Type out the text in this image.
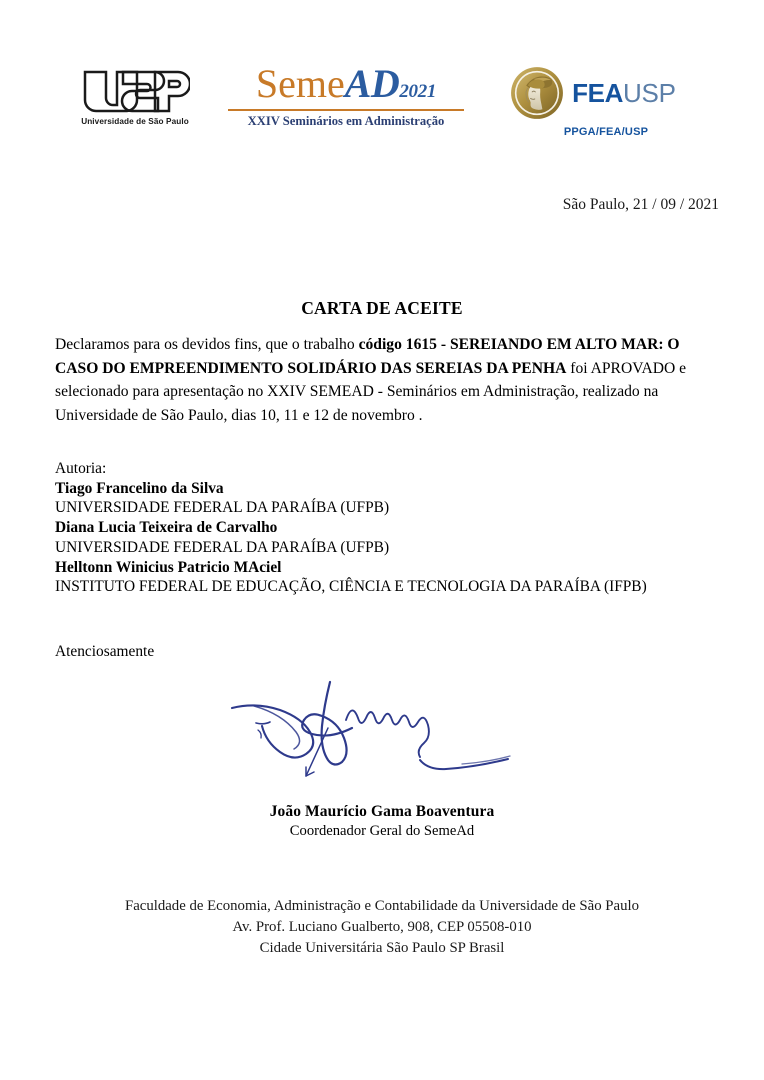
Universidade de São Paulo
SemeAD2021
XXIV Seminários em Administração
FEAUSP
PPGA/FEA/USP
São Paulo, 21 / 09 / 2021
CARTA DE ACEITE
Declaramos para os devidos fins, que o trabalho código 1615 - SEREIANDO EM ALTO MAR: O CASO DO EMPREENDIMENTO SOLIDÁRIO DAS SEREIAS DA PENHA foi APROVADO e selecionado para apresentação no XXIV SEMEAD - Seminários em Administração, realizado na Universidade de São Paulo, dias 10, 11 e 12 de novembro .
Autoria:
Tiago Francelino da Silva
UNIVERSIDADE FEDERAL DA PARAÍBA (UFPB)
Diana Lucia Teixeira de Carvalho
UNIVERSIDADE FEDERAL DA PARAÍBA (UFPB)
Helltonn Winicius Patricio MAciel
INSTITUTO FEDERAL DE EDUCAÇÃO, CIÊNCIA E TECNOLOGIA DA PARAÍBA (IFPB)
Atenciosamente
João Maurício Gama Boaventura
Coordenador Geral do SemeAd
Faculdade de Economia, Administração e Contabilidade da Universidade de São Paulo
Av. Prof. Luciano Gualberto, 908, CEP 05508-010
Cidade Universitária São Paulo SP Brasil
